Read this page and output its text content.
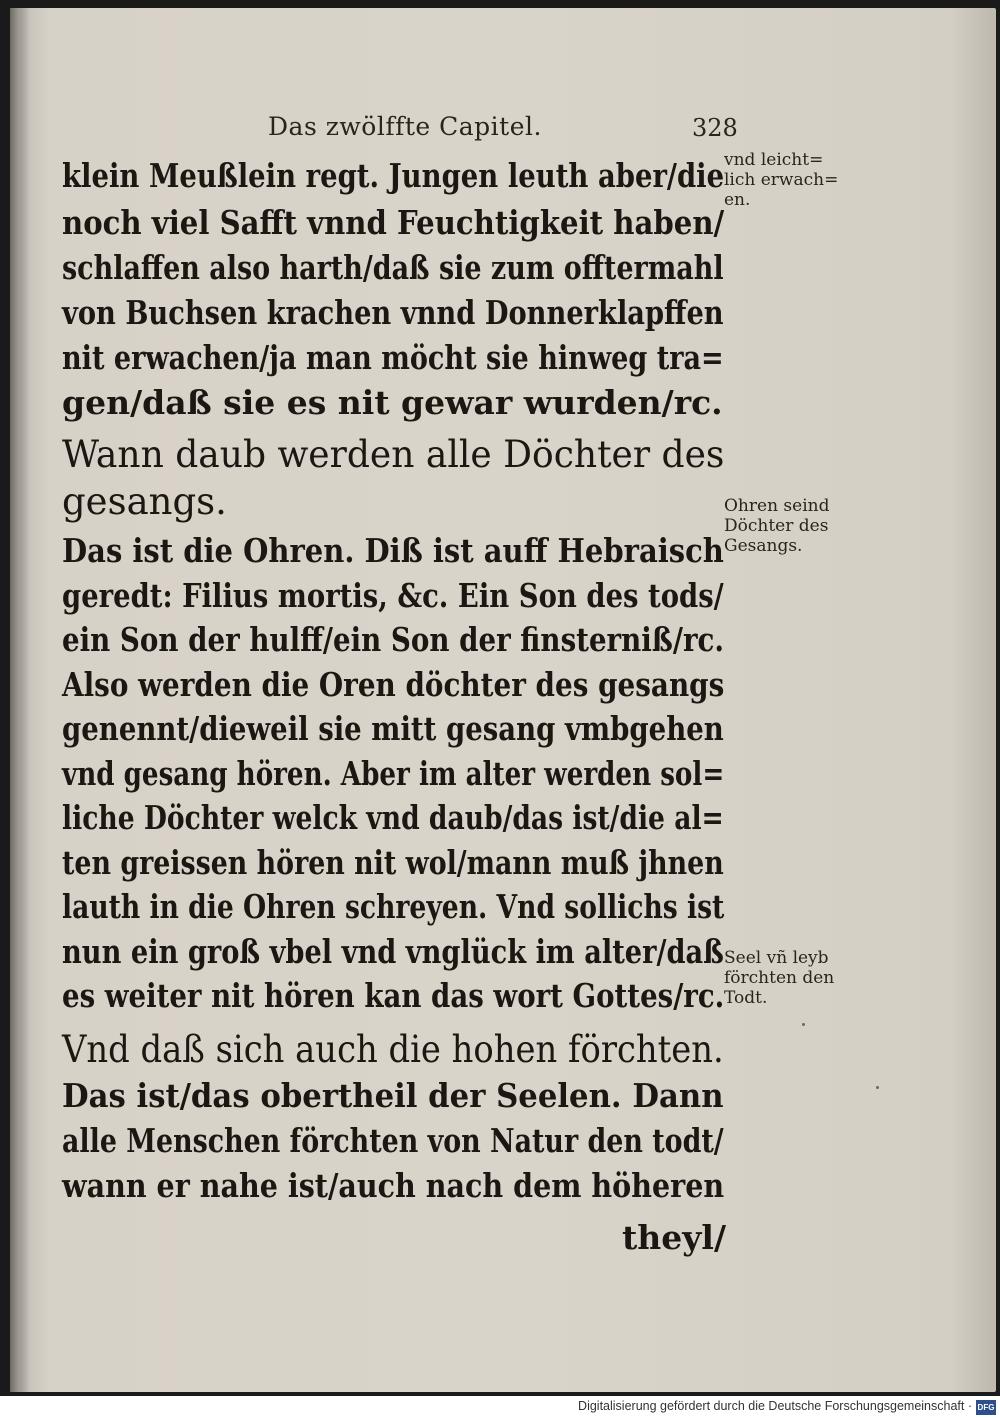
Das zwölffte Capitel.	328
klein Meußlein regt. Jungen leuth aber/die
noch viel Safft vnnd Feuchtigkeit haben/
schlaffen also harth/daß sie zum offtermahl
von Buchsen krachen vnnd Donnerklapffen
nit erwachen/ja man möcht sie hinweg tra=
gen/daß sie es nit gewar wurden/rc.
Wann daub werden alle Döchter des
gesangs.
Das ist die Ohren. Diß ist auff Hebraisch
geredt: Filius mortis, &c. Ein Son des tods/
ein Son der hulff/ein Son der finsterniß/rc.
Also werden die Oren döchter des gesangs
genennt/dieweil sie mitt gesang vmbgehen
vnd gesang hören. Aber im alter werden sol=
liche Döchter welck vnd daub/das ist/die al=
ten greissen hören nit wol/mann muß jhnen
lauth in die Ohren schreyen. Vnd sollichs ist
nun ein groß vbel vnd vnglück im alter/daß
es weiter nit hören kan das wort Gottes/rc.
Vnd daß sich auch die hohen förchten.
Das ist/das obertheil der Seelen. Dann
alle Menschen förchten von Natur den todt/
wann er nahe ist/auch nach dem höheren
theyl/
vnd leicht=
lich erwach=
en.
Ohren seind
Döchter des
Gesangs.
Seel vñ leyb
förchten den
Todt.
Digitalisierung gefördert durch die Deutsche Forschungsgemeinschaft · DFG
